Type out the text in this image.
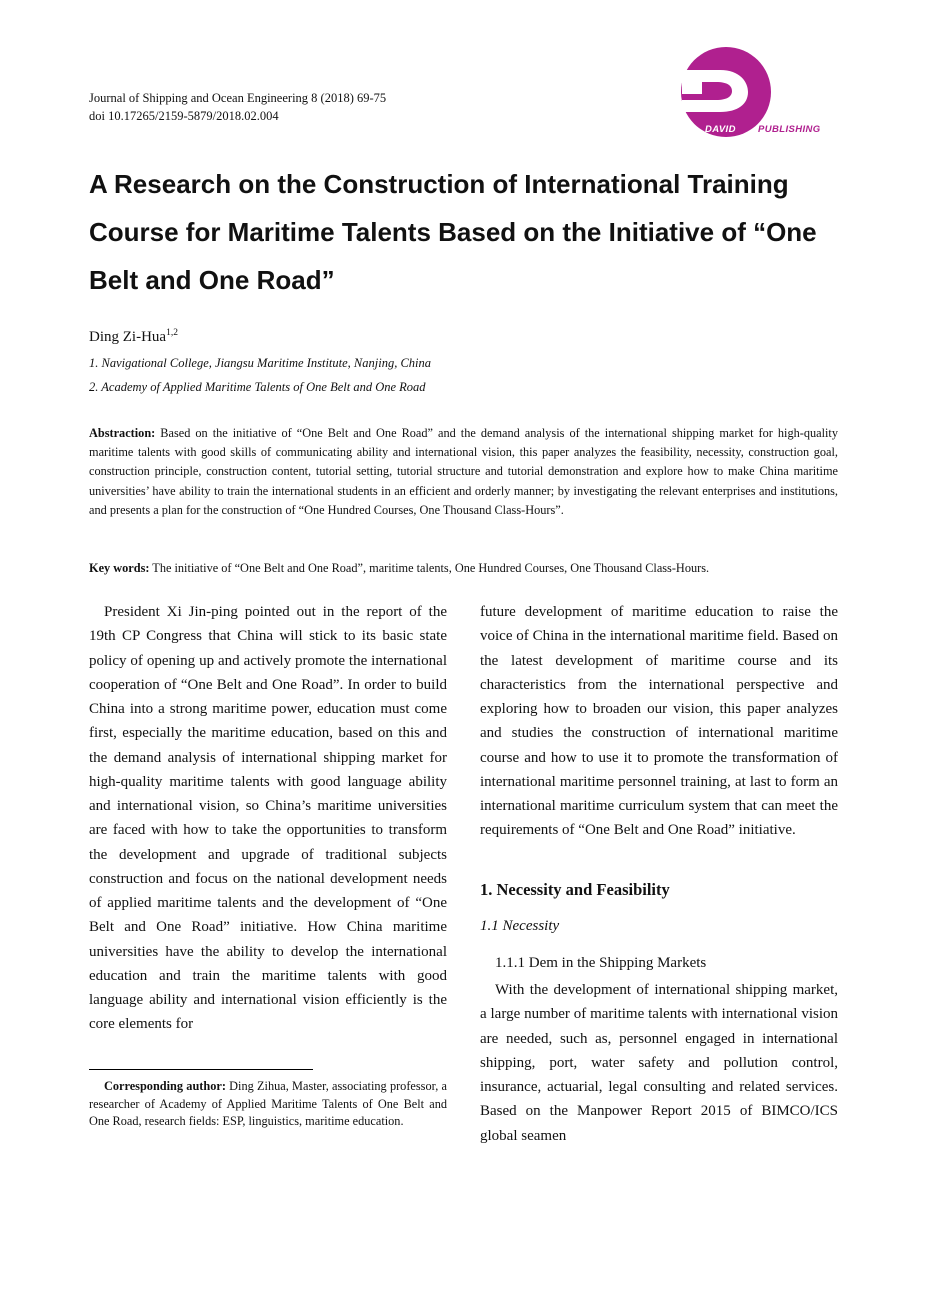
Journal of Shipping and Ocean Engineering 8 (2018) 69-75
doi 10.17265/2159-5879/2018.02.004
DAVID PUBLISHING
A Research on the Construction of International Training Course for Maritime Talents Based on the Initiative of “One Belt and One Road”
Ding Zi-Hua$^{1,2}$
1. Navigational College, Jiangsu Maritime Institute, Nanjing, China
2. Academy of Applied Maritime Talents of One Belt and One Road

Abstraction: Based on the initiative of “One Belt and One Road” and the demand analysis of the international shipping market for high-quality maritime talents with good skills of communicating ability and international vision, this paper analyzes the feasibility, necessity, construction goal, construction principle, construction content, tutorial setting, tutorial structure and tutorial demonstration and explore how to make China maritime universities’ have ability to train the international students in an efficient and orderly manner; by investigating the relevant enterprises and institutions, and presents a plan for the construction of “One Hundred Courses, One Thousand Class-Hours”.

Key words: The initiative of “One Belt and One Road”, maritime talents, One Hundred Courses, One Thousand Class-Hours.

President Xi Jin-ping pointed out in the report of the 19th CP Congress that China will stick to its basic state policy of opening up and actively promote the international cooperation of “One Belt and One Road”. In order to build China into a strong maritime power, education must come first, especially the maritime education, based on this and the demand analysis of international shipping market for high-quality maritime talents with good language ability and international vision, so China’s maritime universities are faced with how to take the opportunities to transform the development and upgrade of traditional subjects construction and focus on the national development needs of applied maritime talents and the development of “One Belt and One Road” initiative. How China maritime universities have the ability to develop the international education and train the maritime talents with good language ability and international vision efficiently is the core elements for

future development of maritime education to raise the voice of China in the international maritime field. Based on the latest development of maritime course and its characteristics from the international perspective and exploring how to broaden our vision, this paper analyzes and studies the construction of international maritime course and how to use it to promote the transformation of international maritime personnel training, at last to form an international maritime curriculum system that can meet the requirements of “One Belt and One Road” initiative.

1. Necessity and Feasibility
1.1 Necessity
1.1.1 Dem in the Shipping Markets

With the development of international shipping market, a large number of maritime talents with international vision are needed, such as, personnel engaged in international shipping, port, water safety and pollution control, insurance, actuarial, legal consulting and related services. Based on the Manpower Report 2015 of BIMCO/ICS global seamen

Corresponding author: Ding Zihua, Master, associating professor, a researcher of Academy of Applied Maritime Talents of One Belt and One Road, research fields: ESP, linguistics, maritime education.
